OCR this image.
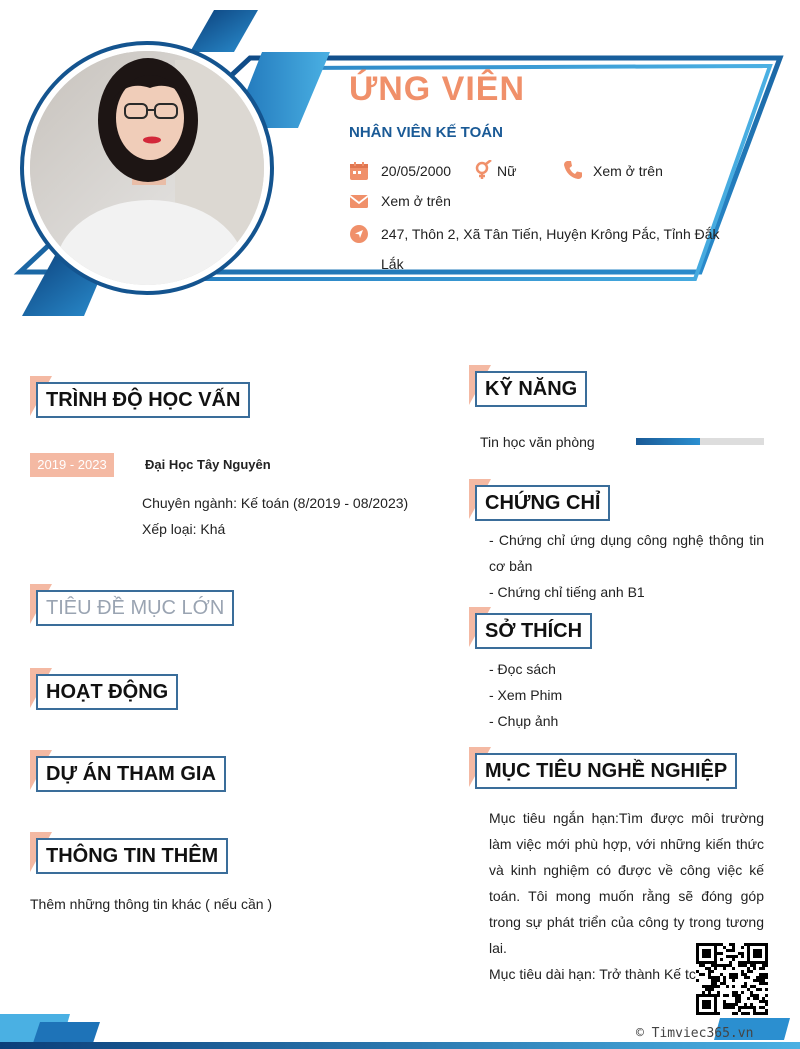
ỨNG VIÊN
NHÂN VIÊN KẾ TOÁN
20/05/2000	Nữ	Xem ở trên
Xem ở trên
247, Thôn 2, Xã Tân Tiến, Huyện Krông Pắc, Tỉnh Đắk
Lắk
TRÌNH ĐỘ HỌC VẤN
2019 - 2023	Đại Học Tây Nguyên
Chuyên ngành: Kế toán (8/2019 - 08/2023)
Xếp loại: Khá
TIÊU ĐỀ MỤC LỚN
HOẠT ĐỘNG
DỰ ÁN THAM GIA
THÔNG TIN THÊM
Thêm những thông tin khác ( nếu cần )
KỸ NĂNG
Tin học văn phòng
CHỨNG CHỈ
- Chứng chỉ ứng dụng công nghệ thông tin
cơ bản
- Chứng chỉ tiếng anh B1
SỞ THÍCH
- Đọc sách
- Xem Phim
- Chụp ảnh
MỤC TIÊU NGHỀ NGHIỆP
Mục tiêu ngắn hạn:Tìm được môi trường
làm việc mới phù hợp, với những kiến thức
và kinh nghiệm có được về công việc kế
toán. Tôi mong muốn rằng sẽ đóng góp
trong sự phát triển của công ty trong tương
lai.
Mục tiêu dài hạn: Trở thành Kế tc
© Timviec365.vn
